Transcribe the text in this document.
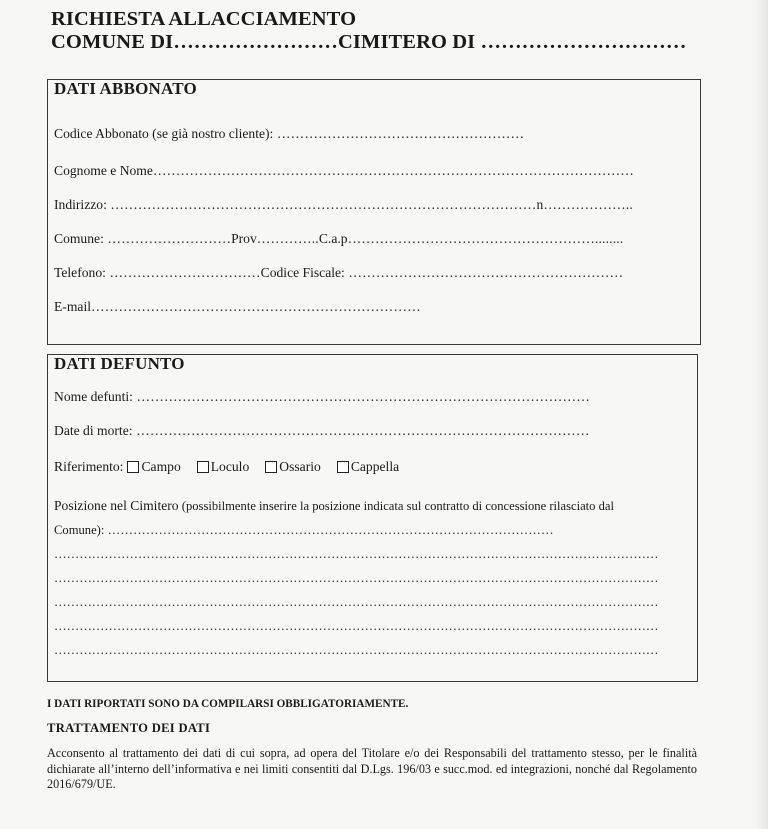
RICHIESTA ALLACCIAMENTO
COMUNE DI……………………CIMITERO DI …………………………
DATI ABBONATO
Codice Abbonato (se già nostro cliente): ………………………………………………
Cognome e Nome……………………………………………………………………………………………
Indirizzo: …………………………………………………………………………………n………………..
Comune: ………………………Prov…………..C.a.p………………………………………………........
Telefono: ……………………………Codice Fiscale: ……………………………………………………
E-mail………………………………………………………………
DATI DEFUNTO
Nome defunti: ………………………………………………………………………………………
Date di morte: ………………………………………………………………………………………
Riferimento: Campo Loculo Ossario Cappella
Posizione nel Cimitero (possibilmente inserire la posizione indicata sul contratto di concessione rilasciato dal
Comune): ……………………………………………………………………………………………
………………………………………………………………………………………………………………………………
………………………………………………………………………………………………………………………………
………………………………………………………………………………………………………………………………
………………………………………………………………………………………………………………………………
………………………………………………………………………………………………………………………………
I DATI RIPORTATI SONO DA COMPILARSI OBBLIGATORIAMENTE.
TRATTAMENTO DEI DATI
Acconsento al trattamento dei dati di cui sopra, ad opera del Titolare e/o dei Responsabili del trattamento stesso, per le finalità dichiarate all’interno dell’informativa e nei limiti consentiti dal D.Lgs. 196/03 e succ.mod. ed integrazioni, nonché dal Regolamento 2016/679/UE.
